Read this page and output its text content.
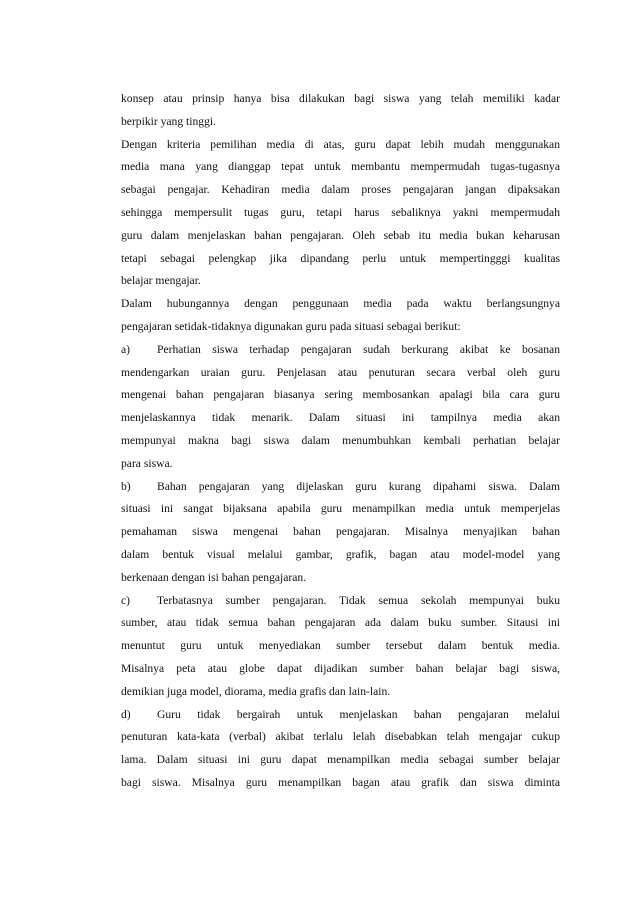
konsep atau prinsip hanya bisa dilakukan bagi siswa yang telah memiliki kadar
berpikir yang tinggi.
Dengan kriteria pemilihan media di atas, guru dapat lebih mudah menggunakan
media mana yang dianggap tepat untuk membantu mempermudah tugas-tugasnya
sebagai pengajar. Kehadiran media dalam proses pengajaran jangan dipaksakan
sehingga mempersulit tugas guru, tetapi harus sebaliknya yakni mempermudah
guru dalam menjelaskan bahan pengajaran. Oleh sebab itu media bukan keharusan
tetapi sebagai pelengkap jika dipandang perlu untuk mempertingggi kualitas
belajar mengajar.
Dalam hubungannya dengan penggunaan media pada waktu berlangsungnya
pengajaran setidak-tidaknya digunakan guru pada situasi sebagai berikut:
a)	Perhatian siswa terhadap pengajaran sudah berkurang akibat ke bosanan
mendengarkan uraian guru. Penjelasan atau penuturan secara verbal oleh guru
mengenai bahan pengajaran biasanya sering membosankan apalagi bila cara guru
menjelaskannya tidak menarik. Dalam situasi ini tampilnya media akan
mempunyai makna bagi siswa dalam menumbuhkan kembali perhatian belajar
para siswa.
b)	Bahan pengajaran yang dijelaskan guru kurang dipahami siswa. Dalam
situasi ini sangat bijaksana apabila guru menampilkan media untuk memperjelas
pemahaman siswa mengenai bahan pengajaran. Misalnya menyajikan bahan
dalam bentuk visual melalui gambar, grafik, bagan atau model-model yang
berkenaan dengan isi bahan pengajaran.
c)	Terbatasnya sumber pengajaran. Tidak semua sekolah mempunyai buku
sumber, atau tidak semua bahan pengajaran ada dalam buku sumber. Sitausi ini
menuntut guru untuk menyediakan sumber tersebut dalam bentuk media.
Misalnya peta atau globe dapat dijadikan sumber bahan belajar bagi siswa,
demikian juga model, diorama, media grafis dan lain-lain.
d)	Guru tidak bergairah untuk menjelaskan bahan pengajaran melalui
penuturan kata-kata (verbal) akibat terlalu lelah disebabkan telah mengajar cukup
lama. Dalam situasi ini guru dapat menampilkan media sebagai sumber belajar
bagi siswa. Misalnya guru menampilkan bagan atau grafik dan siswa diminta
